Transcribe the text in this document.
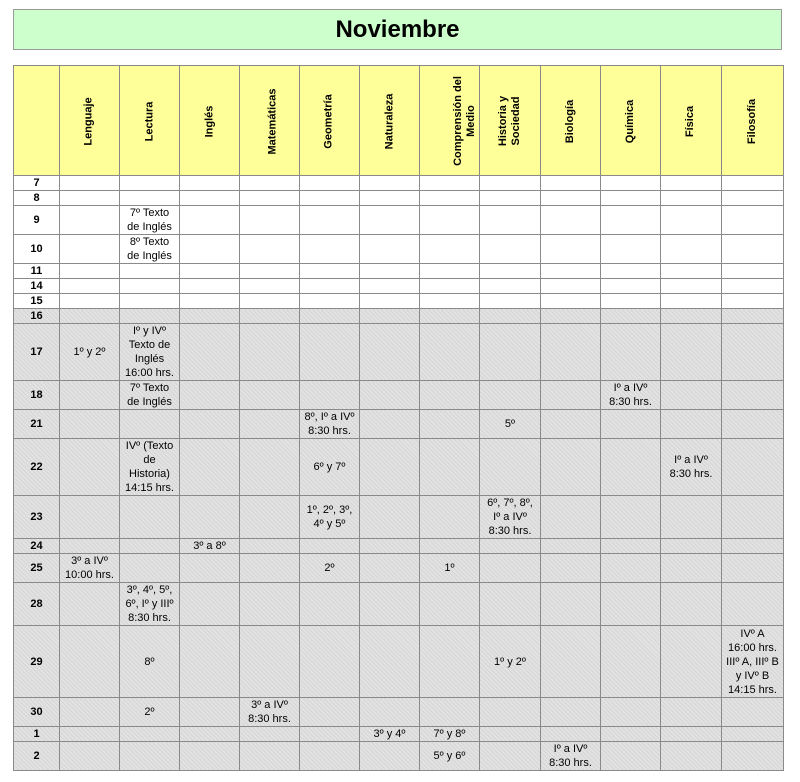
Noviembre
	Lenguaje	Lectura	Inglés	Matemáticas	Geometría	Naturaleza	Comprensión del
Medio	Historia y
Sociedad	Biología	Química	Física	Filosofía
7	

8	

9		7º Texto
de Inglés										

10		8º Texto
de Inglés										

11	

14	

15	

16	

17	1º y 2º	Iº y IVº
Texto de
Inglés
16:00 hrs.										

18		7º Texto
de Inglés								Iº a IVº
8:30 hrs.		

21					8º, Iº a IVº
8:30 hrs.			5º				

22		IVº (Texto
de
Historia)
14:15 hrs.			6º y 7º						Iº a IVº
8:30 hrs.	

23					1º, 2º, 3º,
4º y 5º			6º, 7º, 8º,
Iº a IVº
8:30 hrs.				

24			3º a 8º									

25	3º a IVº
10:00 hrs.				2º		1º					

28		3º, 4º, 5º,
6º, Iº y IIIº
8:30 hrs.										

29		8º						1º y 2º				IVº A
16:00 hrs.
IIIº A, IIIº B
y IVº B
14:15 hrs.

30		2º		3º a IVº
8:30 hrs.								

1						3º y 4º	7º y 8º					

2							5º y 6º		Iº a IVº
8:30 hrs.			
